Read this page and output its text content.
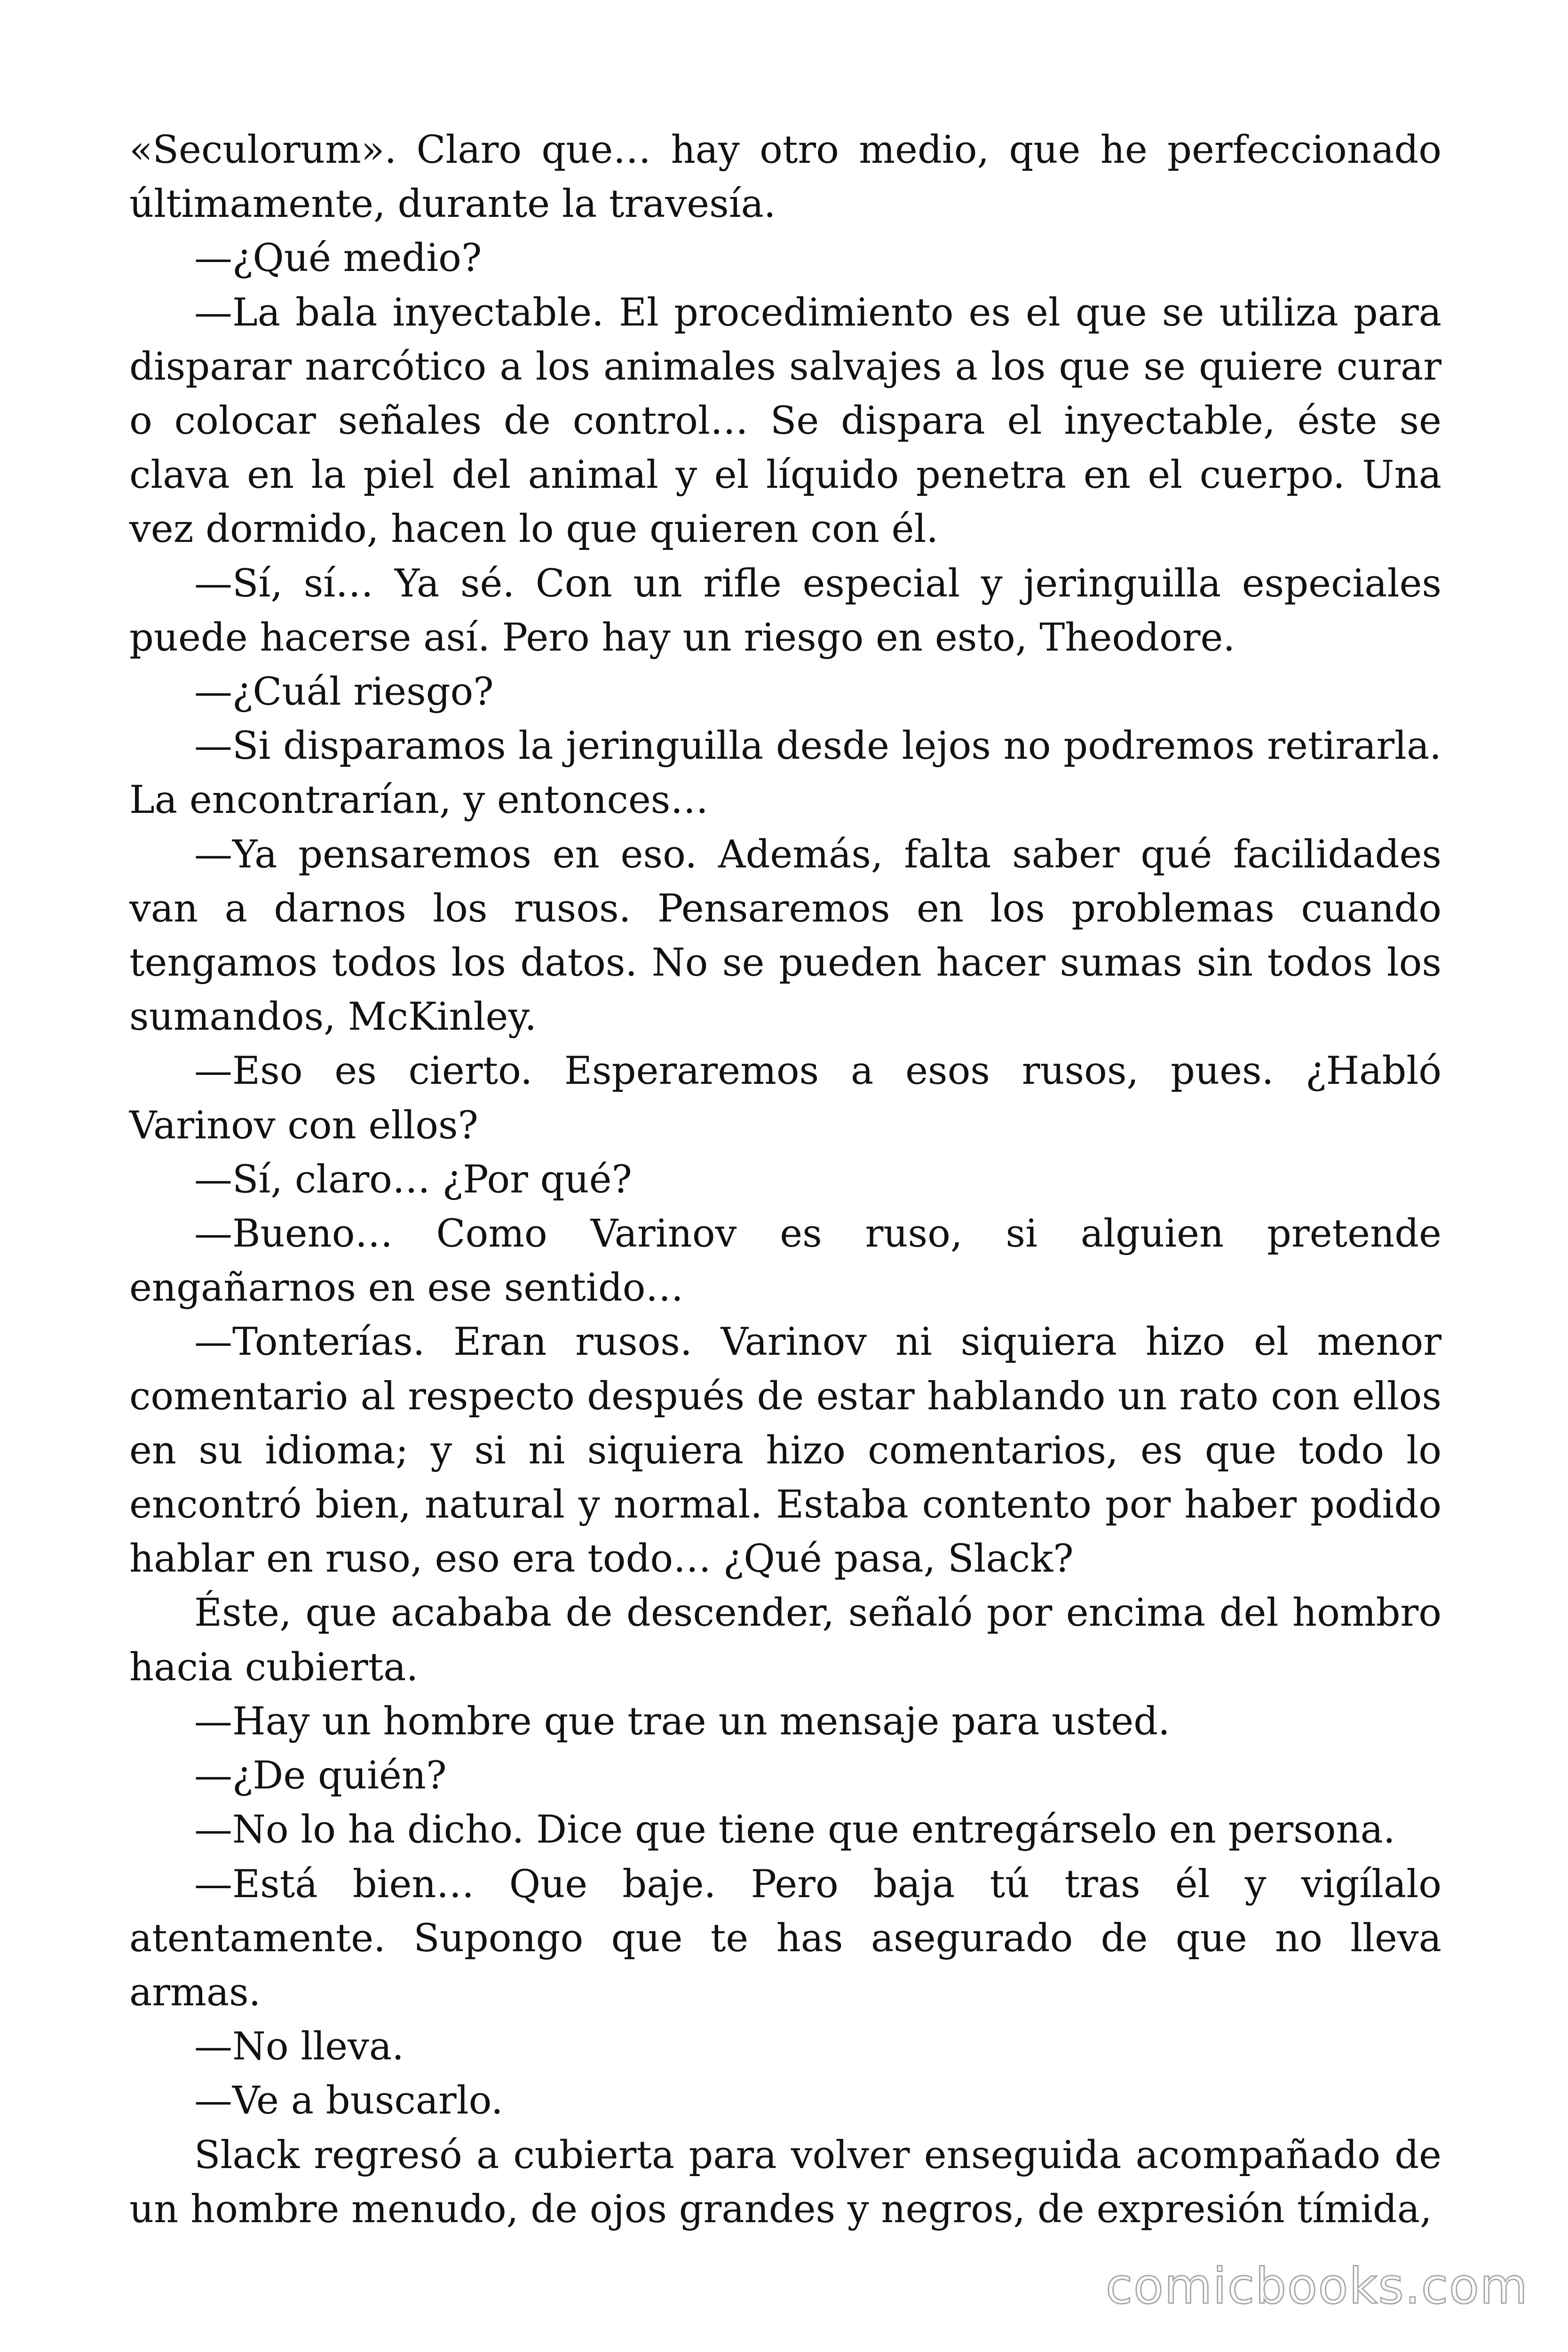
«Seculorum». Claro que… hay otro medio, que he perfeccionado últimamente, durante la travesía.

—¿Qué medio?

—La bala inyectable. El procedimiento es el que se utiliza para disparar narcótico a los animales salvajes a los que se quiere curar o colocar señales de control… Se dispara el inyectable, éste se clava en la piel del animal y el líquido penetra en el cuerpo. Una vez dormido, hacen lo que quieren con él.

—Sí, sí… Ya sé. Con un rifle especial y jeringuilla especiales puede hacerse así. Pero hay un riesgo en esto, Theodore.

—¿Cuál riesgo?

—Si disparamos la jeringuilla desde lejos no podremos retirarla. La encontrarían, y entonces…

—Ya pensaremos en eso. Además, falta saber qué facilidades van a darnos los rusos. Pensaremos en los problemas cuando tengamos todos los datos. No se pueden hacer sumas sin todos los sumandos, McKinley.

—Eso es cierto. Esperaremos a esos rusos, pues. ¿Habló Varinov con ellos?

—Sí, claro… ¿Por qué?

—Bueno… Como Varinov es ruso, si alguien pretende engañarnos en ese sentido…

—Tonterías. Eran rusos. Varinov ni siquiera hizo el menor comentario al respecto después de estar hablando un rato con ellos en su idioma; y si ni siquiera hizo comentarios, es que todo lo encontró bien, natural y normal. Estaba contento por haber podido hablar en ruso, eso era todo… ¿Qué pasa, Slack?

Éste, que acababa de descender, señaló por encima del hombro hacia cubierta.

—Hay un hombre que trae un mensaje para usted.

—¿De quién?

—No lo ha dicho. Dice que tiene que entregárselo en persona.

—Está bien… Que baje. Pero baja tú tras él y vigílalo atentamente. Supongo que te has asegurado de que no lleva armas.

—No lleva.

—Ve a buscarlo.

Slack regresó a cubierta para volver enseguida acompañado de un hombre menudo, de ojos grandes y negros, de expresión tímida,

comicbooks.com
